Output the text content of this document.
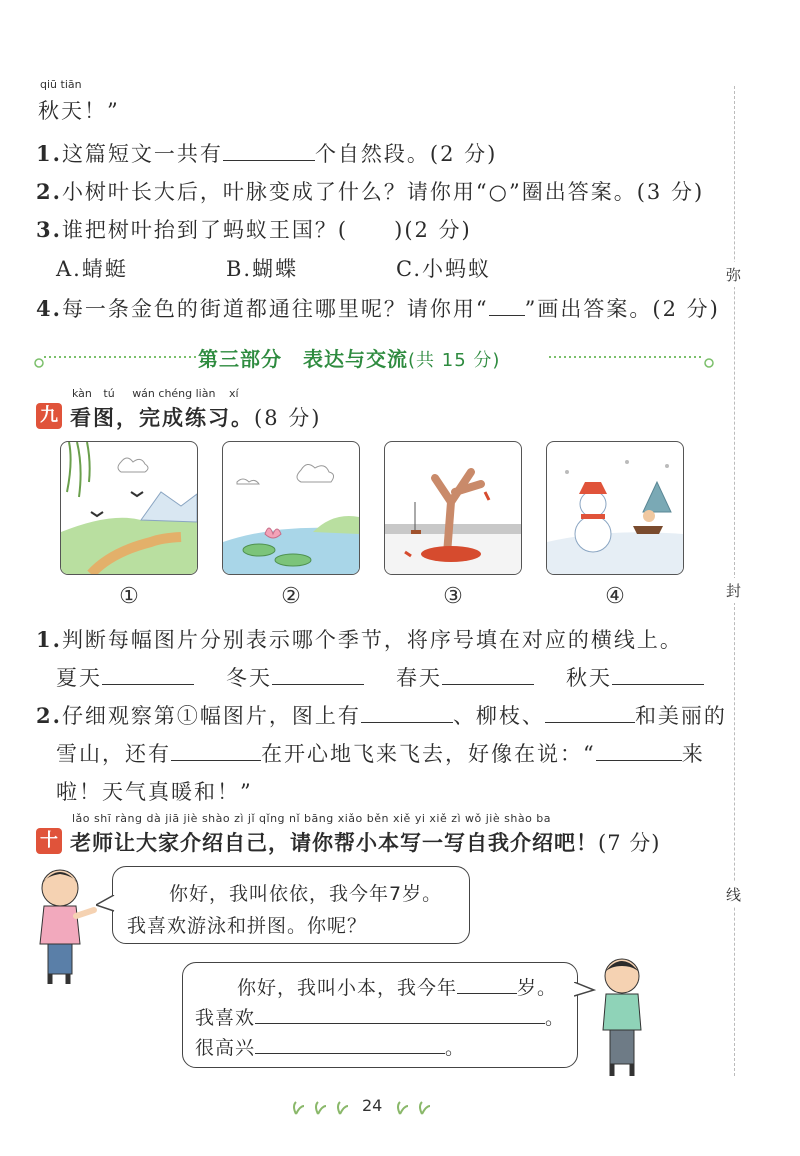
qiū tiān
秋天！”
1.这篇短文一共有	个自然段。(2 分)
2.小树叶长大后，叶脉变成了什么？请你用“○”圈出答案。(3 分)
3.谁把树叶抬到了蚂蚁王国？(　　)(2 分)
A.蜻蜓	B.蝴蝶	C.小蚂蚁
4.每一条金色的街道都通往哪里呢？请你用“ ”画出答案。(2 分)
第三部分　表达与交流(共 15 分)
kàn tú wán chéng liàn xí
九 看图，完成练习。(8 分)
①	②	③	④
1.判断每幅图片分别表示哪个季节，将序号填在对应的横线上。
夏天	冬天	春天	秋天
2.仔细观察第①幅图片，图上有	、柳枝、	和美丽的
雪山，还有	在开心地飞来飞去，好像在说：“	来
啦！天气真暖和！”
lǎo shī ràng dà jiā jiè shào zì jǐ qǐng nǐ bāng xiǎo běn xiě yi xiě zì wǒ jiè shào ba
十 老师让大家介绍自己，请你帮小本写一写自我介绍吧！(7 分)
你好，我叫依依，我今年7岁。
我喜欢游泳和拼图。你呢？
你好，我叫小本，我今年	岁。
我喜欢	。
很高兴	。
弥
封
线
24
